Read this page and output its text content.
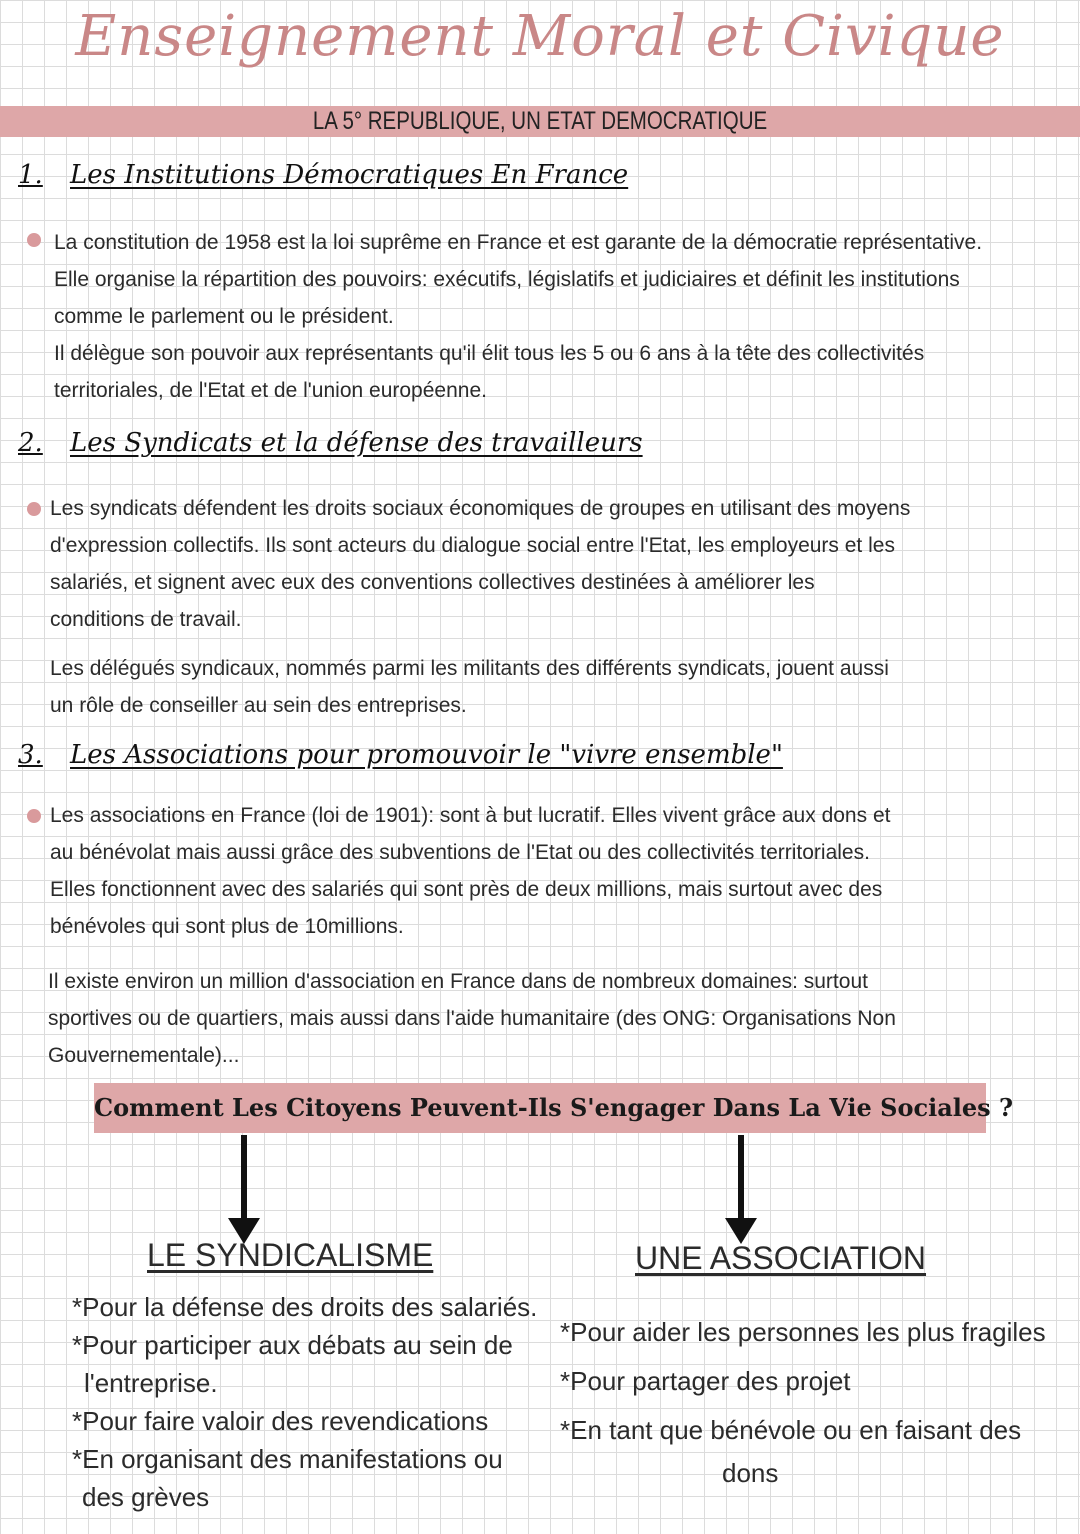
Enseignement Moral et Civique
LA 5° REPUBLIQUE, UN ETAT DEMOCRATIQUE
1. Les Institutions Démocratiques En France
La constitution de 1958 est la loi suprême en France et est garante de la démocratie représentative.
Elle organise la répartition des pouvoirs: exécutifs, législatifs et judiciaires et définit les institutions
comme le parlement ou le président.
Il délègue son pouvoir aux représentants qu'il élit tous les 5 ou 6 ans à la tête des collectivités
territoriales, de l'Etat et de l'union européenne.
2. Les Syndicats et la défense des travailleurs
Les syndicats défendent les droits sociaux économiques de groupes en utilisant des moyens
d'expression collectifs. Ils sont acteurs du dialogue social entre l'Etat, les employeurs et les
salariés, et signent avec eux des conventions collectives destinées à améliorer les
conditions de travail.
Les délégués syndicaux, nommés parmi les militants des différents syndicats, jouent aussi
un rôle de conseiller au sein des entreprises.
3. Les Associations pour promouvoir le "vivre ensemble"
Les associations en France (loi de 1901): sont à but lucratif. Elles vivent grâce aux dons et
au bénévolat mais aussi grâce des subventions de l'Etat ou des collectivités territoriales.
Elles fonctionnent avec des salariés qui sont près de deux millions, mais surtout avec des
bénévoles qui sont plus de 10millions.
Il existe environ un million d'association en France dans de nombreux domaines: surtout
sportives ou de quartiers, mais aussi dans l'aide humanitaire (des ONG: Organisations Non
Gouvernementale)...
Comment Les Citoyens Peuvent-Ils S'engager Dans La Vie Sociales ?
LE SYNDICALISME
*Pour la défense des droits des salariés.
*Pour participer aux débats au sein de
l'entreprise.
*Pour faire valoir des revendications
*En organisant des manifestations ou
des grèves
UNE ASSOCIATION
*Pour aider les personnes les plus fragiles
*Pour partager des projet
*En tant que bénévole ou en faisant des
dons
